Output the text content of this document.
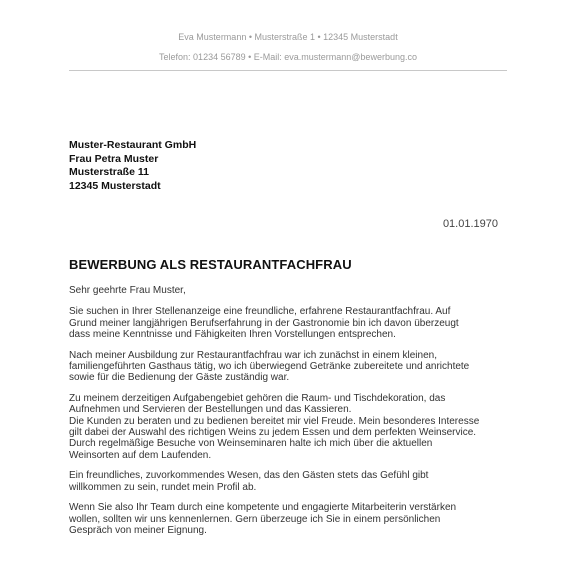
Eva Mustermann • Musterstraße 1 • 12345 Musterstadt
Telefon: 01234 56789 • E-Mail: eva.mustermann@bewerbung.co
Muster-Restaurant GmbH
Frau Petra Muster
Musterstraße 11
12345 Musterstadt
01.01.1970
BEWERBUNG ALS RESTAURANTFACHFRAU

Sehr geehrte Frau Muster,

Sie suchen in Ihrer Stellenanzeige eine freundliche, erfahrene Restaurantfachfrau. Auf
Grund meiner langjährigen Berufserfahrung in der Gastronomie bin ich davon überzeugt
dass meine Kenntnisse und Fähigkeiten Ihren Vorstellungen entsprechen.

Nach meiner Ausbildung zur Restaurantfachfrau war ich zunächst in einem kleinen,
familiengeführten Gasthaus tätig, wo ich überwiegend Getränke zubereitete und anrichtete
sowie für die Bedienung der Gäste zuständig war.

Zu meinem derzeitigen Aufgabengebiet gehören die Raum- und Tischdekoration, das
Aufnehmen und Servieren der Bestellungen und das Kassieren.

Die Kunden zu beraten und zu bedienen bereitet mir viel Freude. Mein besonderes Interesse
gilt dabei der Auswahl des richtigen Weins zu jedem Essen und dem perfekten Weinservice.
Durch regelmäßige Besuche von Weinseminaren halte ich mich über die aktuellen
Weinsorten auf dem Laufenden.

Ein freundliches, zuvorkommendes Wesen, das den Gästen stets das Gefühl gibt
willkommen zu sein, rundet mein Profil ab.

Wenn Sie also Ihr Team durch eine kompetente und engagierte Mitarbeiterin verstärken
wollen, sollten wir uns kennenlernen. Gern überzeuge ich Sie in einem persönlichen
Gespräch von meiner Eignung.
